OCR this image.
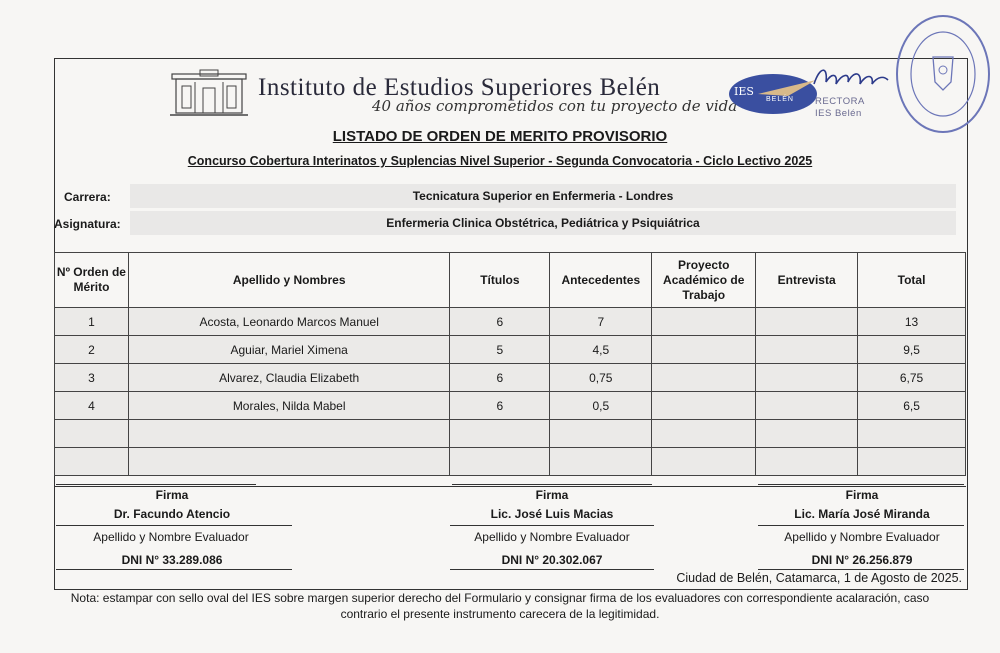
Instituto de Estudios Superiores Belén
40 años comprometidos con tu proyecto de vida
IES
BELÉN RECTORA
IES Belén
LISTADO DE ORDEN DE MERITO PROVISORIO
Concurso Cobertura Interinatos y Suplencias Nivel Superior - Segunda Convocatoria - Ciclo Lectivo 2025
Carrera:	Tecnicatura Superior en Enfermeria - Londres
Asignatura:	Enfermeria Clinica Obstétrica, Pediátrica y Psiquiátrica
Nº Orden de Mérito	Apellido y Nombres	Títulos	Antecedentes	Proyecto Académico de Trabajo	Entrevista	Total
1	Acosta, Leonardo Marcos Manuel	6	7			13
2	Aguiar, Mariel Ximena	5	4,5			9,5
3	Alvarez, Claudia Elizabeth	6	0,75			6,75
4	Morales, Nilda Mabel	6	0,5			6,5

Firma
Dr. Facundo Atencio
Apellido y Nombre Evaluador
DNI N° 33.289.086
Firma
Lic. José Luis Macias
Apellido y Nombre Evaluador
DNI N° 20.302.067
Firma
Lic. María José Miranda
Apellido y Nombre Evaluador
DNI N° 26.256.879
Ciudad de Belén, Catamarca, 1 de Agosto de 2025.
Nota: estampar con sello oval del IES sobre margen superior derecho del Formulario y consignar firma de los evaluadores con correspondiente acalaración, caso contrario el presente instrumento carecera de la legitimidad.
